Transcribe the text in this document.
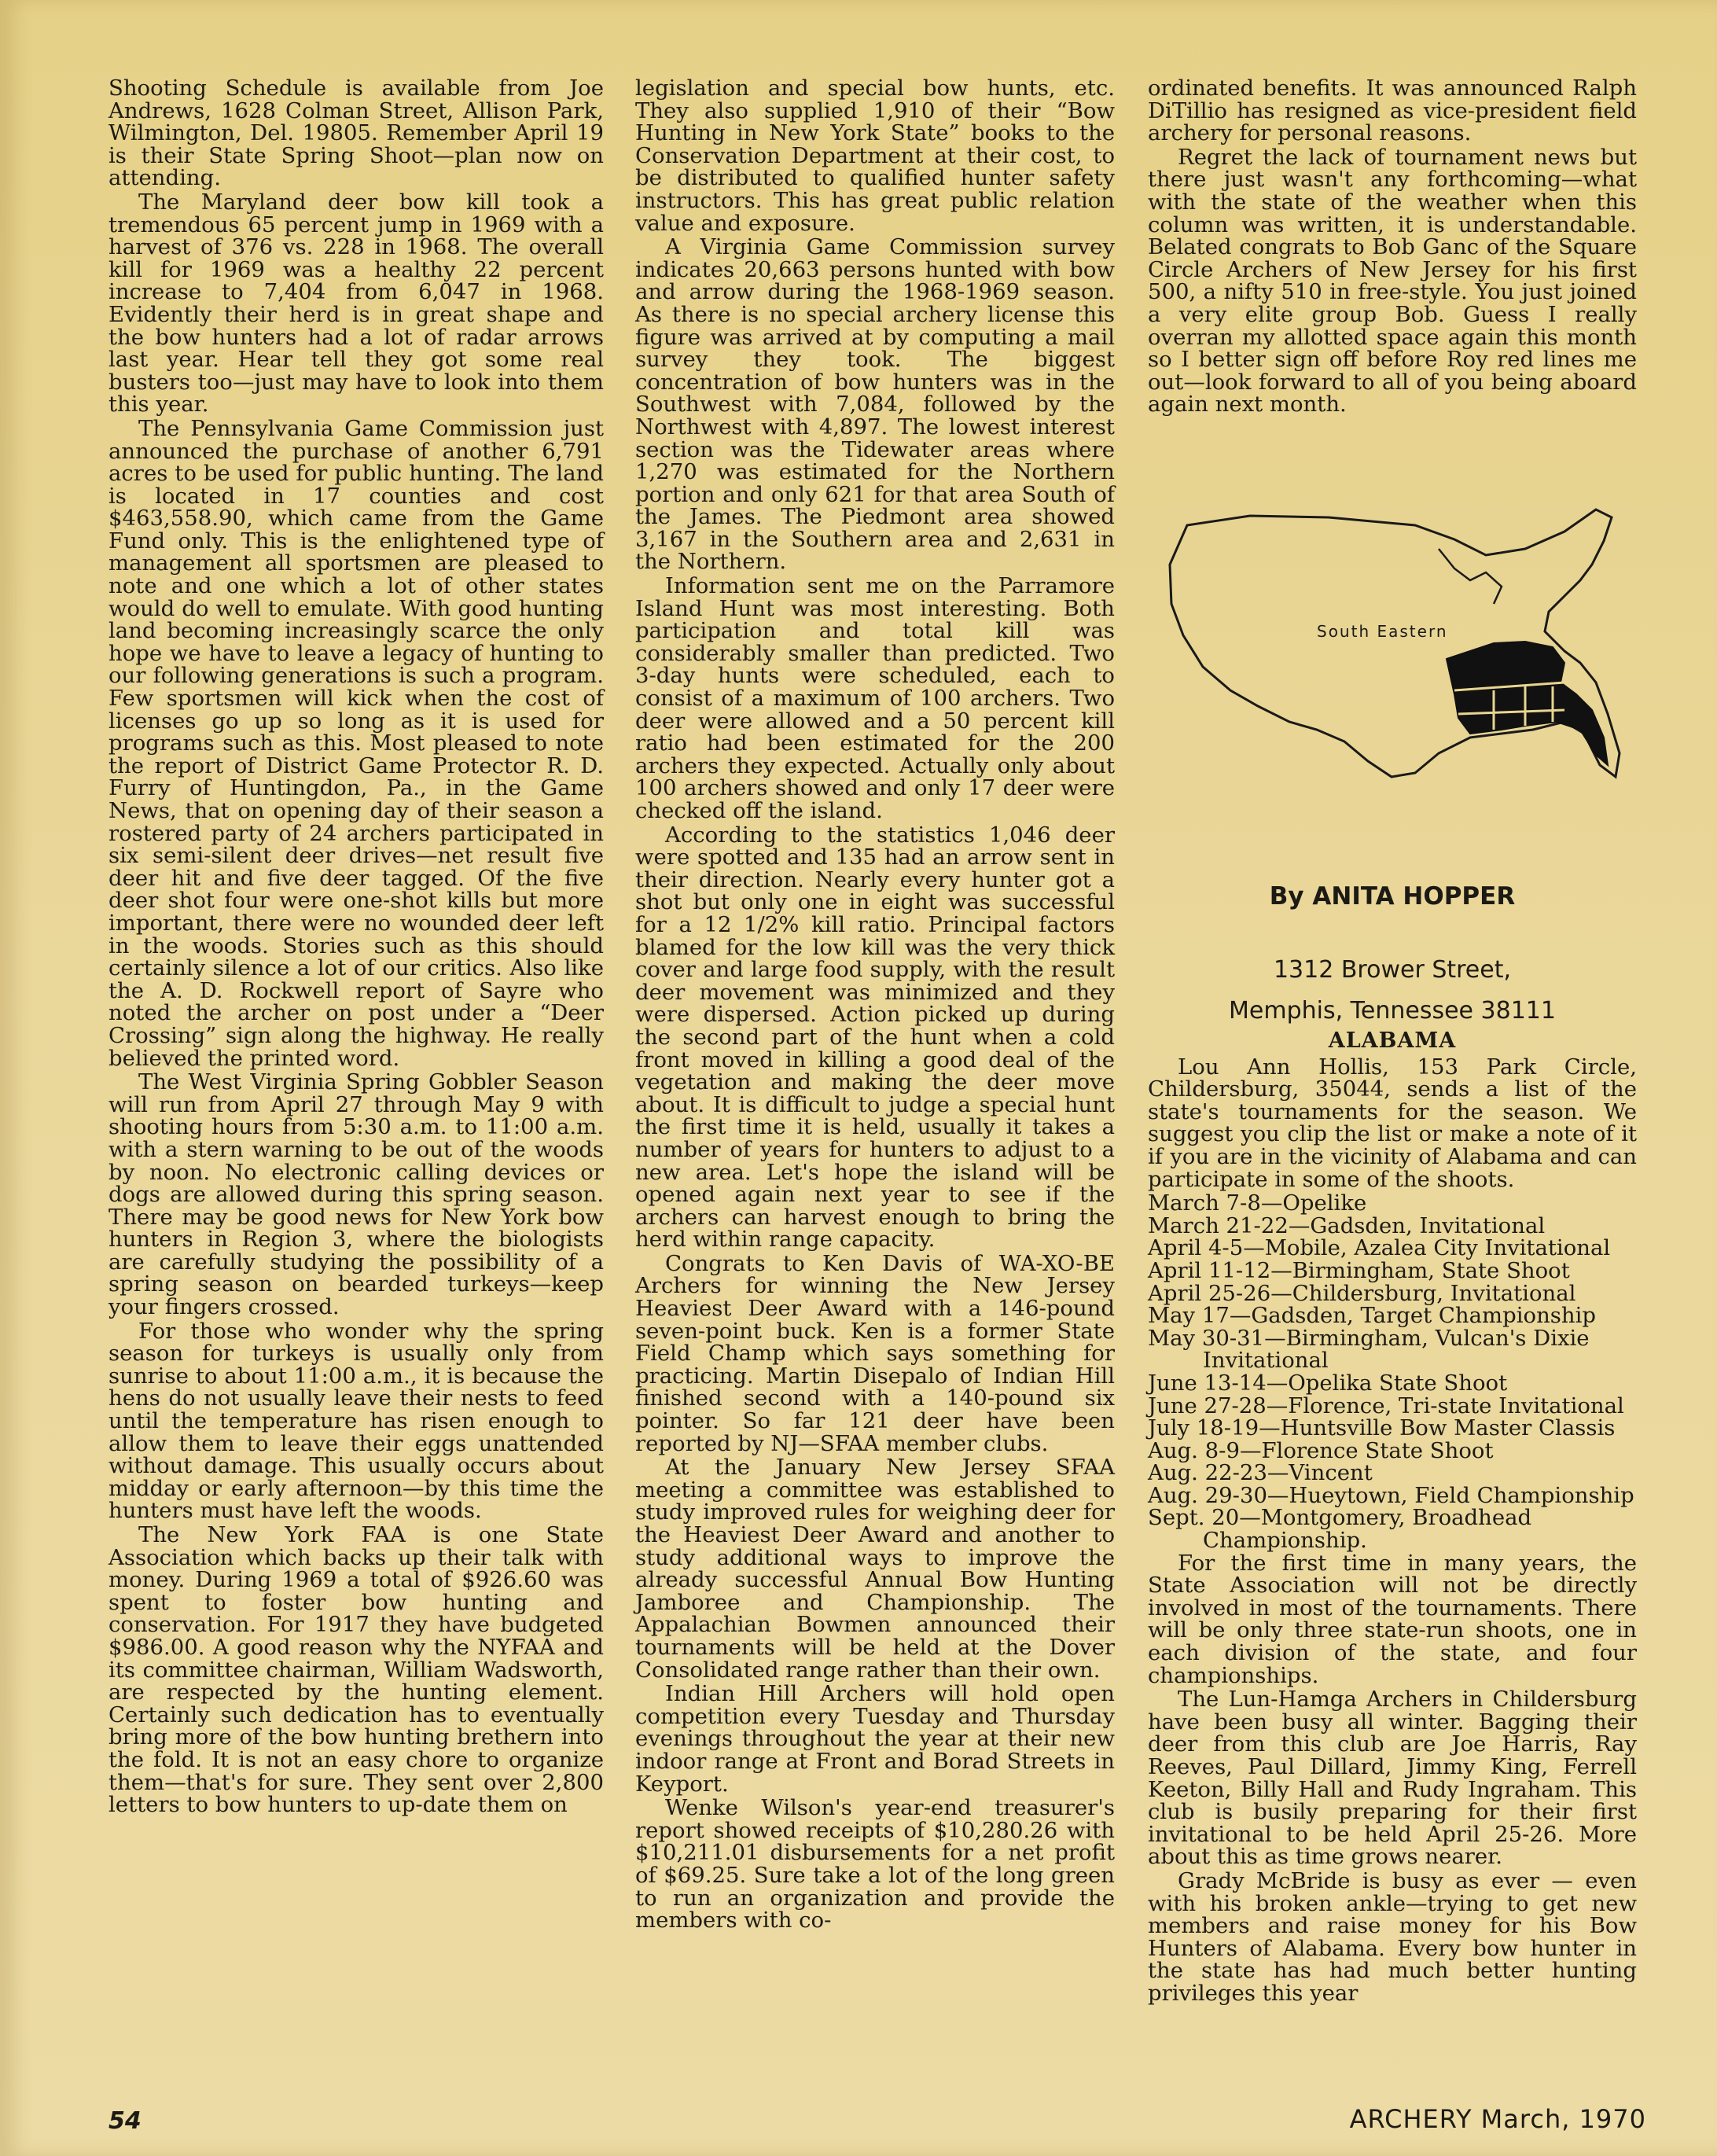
Shooting Schedule is available from Joe Andrews, 1628 Colman Street, Allison Park, Wilmington, Del. 19805. Remember April 19 is their State Spring Shoot—plan now on attending.

The Maryland deer bow kill took a tremendous 65 percent jump in 1969 with a harvest of 376 vs. 228 in 1968. The overall kill for 1969 was a healthy 22 percent increase to 7,404 from 6,047 in 1968. Evidently their herd is in great shape and the bow hunters had a lot of radar arrows last year. Hear tell they got some real busters too—just may have to look into them this year.

The Pennsylvania Game Commission just announced the purchase of another 6,791 acres to be used for public hunting. The land is located in 17 counties and cost $463,558.90, which came from the Game Fund only. This is the enlightened type of management all sportsmen are pleased to note and one which a lot of other states would do well to emulate. With good hunting land becoming increasingly scarce the only hope we have to leave a legacy of hunting to our following generations is such a program. Few sportsmen will kick when the cost of licenses go up so long as it is used for programs such as this. Most pleased to note the report of District Game Protector R. D. Furry of Huntingdon, Pa., in the Game News, that on opening day of their season a rostered party of 24 archers participated in six semi-silent deer drives—net result five deer hit and five deer tagged. Of the five deer shot four were one-shot kills but more important, there were no wounded deer left in the woods. Stories such as this should certainly silence a lot of our critics. Also like the A. D. Rockwell report of Sayre who noted the archer on post under a “Deer Crossing” sign along the highway. He really believed the printed word.

The West Virginia Spring Gobbler Season will run from April 27 through May 9 with shooting hours from 5:30 a.m. to 11:00 a.m. with a stern warning to be out of the woods by noon. No electronic calling devices or dogs are allowed during this spring season. There may be good news for New York bow hunters in Region 3, where the biologists are carefully studying the possibility of a spring season on bearded turkeys—keep your fingers crossed.

For those who wonder why the spring season for turkeys is usually only from sunrise to about 11:00 a.m., it is because the hens do not usually leave their nests to feed until the temperature has risen enough to allow them to leave their eggs unattended without damage. This usually occurs about midday or early afternoon—by this time the hunters must have left the woods.

The New York FAA is one State Association which backs up their talk with money. During 1969 a total of $926.60 was spent to foster bow hunting and conservation. For 1917 they have budgeted $986.00. A good reason why the NYFAA and its committee chairman, William Wadsworth, are respected by the hunting element. Certainly such dedication has to eventually bring more of the bow hunting brethern into the fold. It is not an easy chore to organize them—that's for sure. They sent over 2,800 letters to bow hunters to up-date them on

legislation and special bow hunts, etc. They also supplied 1,910 of their “Bow Hunting in New York State” books to the Conservation Department at their cost, to be distributed to qualified hunter safety instructors. This has great public relation value and exposure.

A Virginia Game Commission survey indicates 20,663 persons hunted with bow and arrow during the 1968-1969 season. As there is no special archery license this figure was arrived at by computing a mail survey they took. The biggest concentration of bow hunters was in the Southwest with 7,084, followed by the Northwest with 4,897. The lowest interest section was the Tidewater areas where 1,270 was estimated for the Northern portion and only 621 for that area South of the James. The Piedmont area showed 3,167 in the Southern area and 2,631 in the Northern.

Information sent me on the Parramore Island Hunt was most interesting. Both participation and total kill was considerably smaller than predicted. Two 3-day hunts were scheduled, each to consist of a maximum of 100 archers. Two deer were allowed and a 50 percent kill ratio had been estimated for the 200 archers they expected. Actually only about 100 archers showed and only 17 deer were checked off the island.

According to the statistics 1,046 deer were spotted and 135 had an arrow sent in their direction. Nearly every hunter got a shot but only one in eight was successful for a 12 1/2% kill ratio. Principal factors blamed for the low kill was the very thick cover and large food supply, with the result deer movement was minimized and they were dispersed. Action picked up during the second part of the hunt when a cold front moved in killing a good deal of the vegetation and making the deer move about. It is difficult to judge a special hunt the first time it is held, usually it takes a number of years for hunters to adjust to a new area. Let's hope the island will be opened again next year to see if the archers can harvest enough to bring the herd within range capacity.

Congrats to Ken Davis of WA-XO-BE Archers for winning the New Jersey Heaviest Deer Award with a 146-pound seven-point buck. Ken is a former State Field Champ which says something for practicing. Martin Disepalo of Indian Hill finished second with a 140-pound six pointer. So far 121 deer have been reported by NJ—SFAA member clubs.

At the January New Jersey SFAA meeting a committee was established to study improved rules for weighing deer for the Heaviest Deer Award and another to study additional ways to improve the already successful Annual Bow Hunting Jamboree and Championship. The Appalachian Bowmen announced their tournaments will be held at the Dover Consolidated range rather than their own.

Indian Hill Archers will hold open competition every Tuesday and Thursday evenings throughout the year at their new indoor range at Front and Borad Streets in Keyport.

Wenke Wilson's year-end treasurer's report showed receipts of $10,280.26 with $10,211.01 disbursements for a net profit of $69.25. Sure take a lot of the long green to run an organization and provide the members with co-

ordinated benefits. It was announced Ralph DiTillio has resigned as vice-president field archery for personal reasons.

Regret the lack of tournament news but there just wasn't any forthcoming—what with the state of the weather when this column was written, it is understandable. Belated congrats to Bob Ganc of the Square Circle Archers of New Jersey for his first 500, a nifty 510 in free-style. You just joined a very elite group Bob. Guess I really overran my allotted space again this month so I better sign off before Roy red lines me out—look forward to all of you being aboard again next month.

South Eastern
By ANITA HOPPER
1312 Brower Street,
Memphis, Tennessee 38111
ALABAMA

Lou Ann Hollis, 153 Park Circle, Childersburg, 35044, sends a list of the state's tournaments for the season. We suggest you clip the list or make a note of it if you are in the vicinity of Alabama and can participate in some of the shoots.

March 7-8—Opelike
March 21-22—Gadsden, Invitational
April 4-5—Mobile, Azalea City Invitational
April 11-12—Birmingham, State Shoot
April 25-26—Childersburg, Invitational
May 17—Gadsden, Target Championship
May 30-31—Birmingham, Vulcan's Dixie Invitational
June 13-14—Opelika State Shoot
June 27-28—Florence, Tri-state Invitational
July 18-19—Huntsville Bow Master Classis
Aug. 8-9—Florence State Shoot
Aug. 22-23—Vincent
Aug. 29-30—Hueytown, Field Championship
Sept. 20—Montgomery, Broadhead Championship.

For the first time in many years, the State Association will not be directly involved in most of the tournaments. There will be only three state-run shoots, one in each division of the state, and four championships.

The Lun-Hamga Archers in Childersburg have been busy all winter. Bagging their deer from this club are Joe Harris, Ray Reeves, Paul Dillard, Jimmy King, Ferrell Keeton, Billy Hall and Rudy Ingraham. This club is busily preparing for their first invitational to be held April 25-26. More about this as time grows nearer.

Grady McBride is busy as ever — even with his broken ankle—trying to get new members and raise money for his Bow Hunters of Alabama. Every bow hunter in the state has had much better hunting privileges this year

54	ARCHERY March, 1970
